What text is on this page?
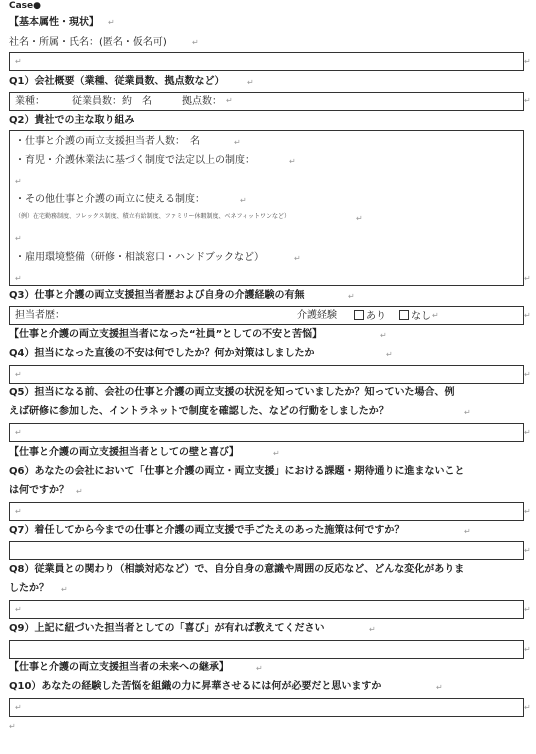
Case●
【基本属性・現状】
社名・所属・氏名：(匿名・仮名可)
Q1）会社概要（業種、従業員数、拠点数など）
業種：	従業員数：約　名	拠点数：
Q2）貴社での主な取り組み
・仕事と介護の両立支援担当者人数：　名
・育児・介護休業法に基づく制度で法定以上の制度：
・その他仕事と介護の両立に使える制度：
（例）在宅勤務制度、フレックス制度、積立有給制度、ファミリー休暇制度、ベネフィットワンなど）
・雇用環境整備（研修・相談窓口・ハンドブックなど）
Q3）仕事と介護の両立支援担当者歴および自身の介護経験の有無
担当者歴：	介護経験	あり	なし
【仕事と介護の両立支援担当者になった“社員”としての不安と苦悩】
Q4）担当になった直後の不安は何でしたか？何か対策はしましたか
Q5）担当になる前、会社の仕事と介護の両立支援の状況を知っていましたか？知っていた場合、例
えば研修に参加した、イントラネットで制度を確認した、などの行動をしましたか？
【仕事と介護の両立支援担当者としての壁と喜び】
Q6）あなたの会社において「仕事と介護の両立・両立支援」における課題・期待通りに進まないこと
は何ですか？
Q7）着任してから今までの仕事と介護の両立支援で手ごたえのあった施策は何ですか？
Q8）従業員との関わり（相談対応など）で、自分自身の意識や周囲の反応など、どんな変化がありま
したか？
Q9）上記に紐づいた担当者としての「喜び」が有れば教えてください
【仕事と介護の両立支援担当者の未来への継承】
Q10）あなたの経験した苦悩を組織の力に昇華させるには何が必要だと思いますか
↵
↵
↵	↵
↵
↵	↵
↵
↵
↵
↵
↵
↵
↵
↵	↵
↵
↵	↵
↵
↵
↵	↵
↵
↵	↵
↵
↵
↵	↵
↵
↵
↵
↵	↵
↵
↵
↵
↵
↵	↵
↵
